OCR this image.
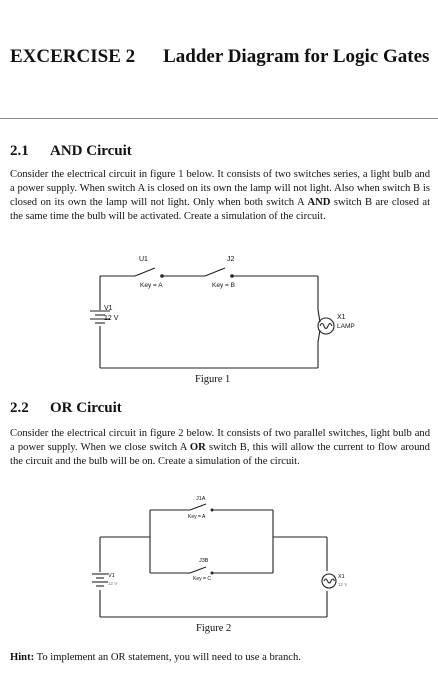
EXCERCISE 2 Ladder Diagram for Logic Gates
2.1 AND Circuit
Consider the electrical circuit in figure 1 below. It consists of two switches series, a light bulb and a power supply. When switch A is closed on its own the lamp will not light. Also when switch B is closed on its own the lamp will not light. Only when both switch A AND switch B are closed at the same time the bulb will be activated. Create a simulation of the circuit.
U1
Key = A
J2
Key = B
V1
12 V	X1
LAMP
Figure 1
2.2 OR Circuit
Consider the electrical circuit in figure 2 below. It consists of two parallel switches, light bulb and a power supply. When we close switch A OR switch B, this will allow the current to flow around the circuit and the bulb will be on. Create a simulation of the circuit.
J1A
Key = A
J3B
Key = C
V1
12 V
X1
12 V
Figure 2
Hint: To implement an OR statement, you will need to use a branch.
